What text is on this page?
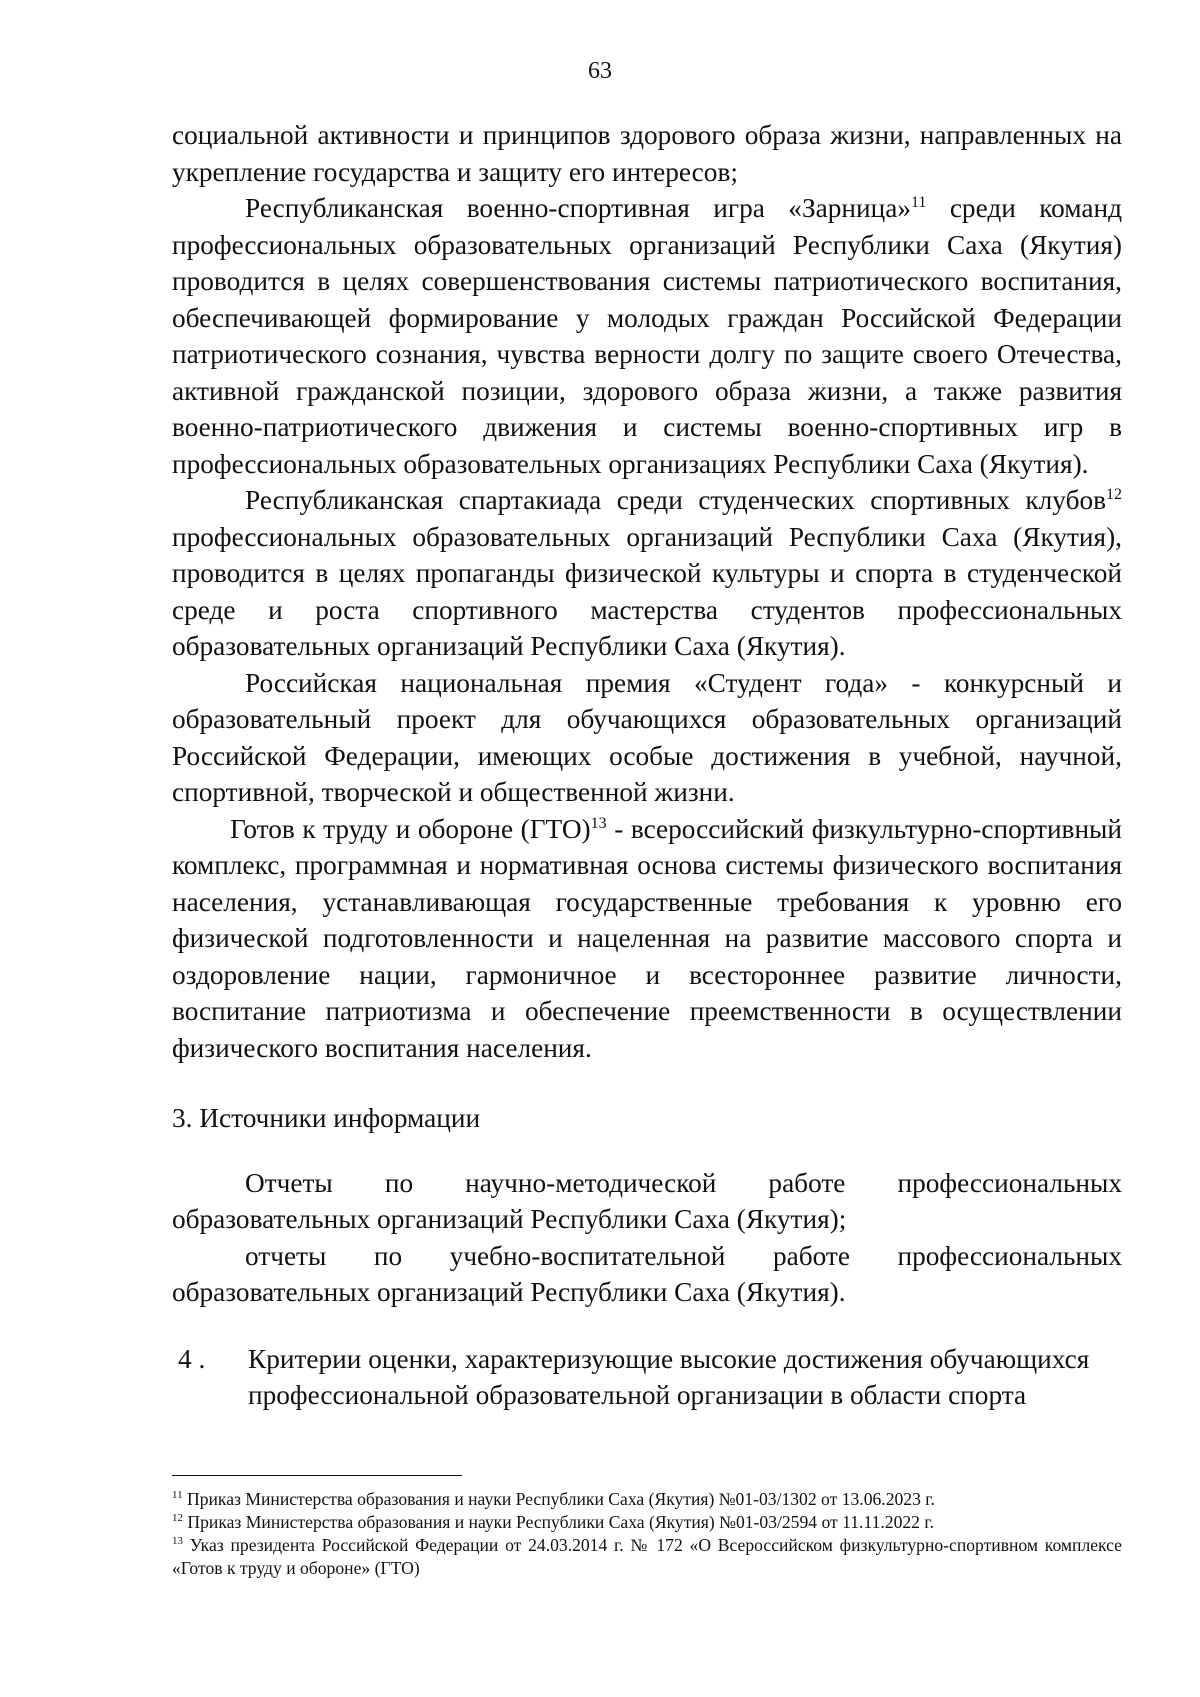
63

социальной активности и принципов здорового образа жизни, направленных на укрепление государства и защиту его интересов;

Республиканская военно-спортивная игра «Зарница»$^{11}$ среди команд профессиональных образовательных организаций Республики Саха (Якутия) проводится в целях совершенствования системы патриотического воспитания, обеспечивающей формирование у молодых граждан Российской Федерации патриотического сознания, чувства верности долгу по защите своего Отечества, активной гражданской позиции, здорового образа жизни, а также развития военно-патриотического движения и системы военно-спортивных игр в профессиональных образовательных организациях Республики Саха (Якутия).

Республиканская спартакиада среди студенческих спортивных клубов$^{12}$ профессиональных образовательных организаций Республики Саха (Якутия), проводится в целях пропаганды физической культуры и спорта в студенческой среде и роста спортивного мастерства студентов профессиональных образовательных организаций Республики Саха (Якутия).

Российская национальная премия «Студент года» - конкурсный и образовательный проект для обучающихся образовательных организаций Российской Федерации, имеющих особые достижения в учебной, научной, спортивной, творческой и общественной жизни.

Готов к труду и обороне (ГТО)$^{13}$ - всероссийский физкультурно-спортивный комплекс, программная и нормативная основа системы физического воспитания населения, устанавливающая государственные требования к уровню его физической подготовленности и нацеленная на развитие массового спорта и оздоровление нации, гармоничное и всестороннее развитие личности, воспитание патриотизма и обеспечение преемственности в осуществлении физического воспитания населения.

3. Источники информации

Отчеты по научно-методической работе профессиональных образовательных организаций Республики Саха (Якутия);

отчеты по учебно-воспитательной работе профессиональных образовательных организаций Республики Саха (Якутия).

4 .	Критерии оценки, характеризующие высокие достижения обучающихся профессиональной образовательной организации в области спорта

$^{11}$ Приказ Министерства образования и науки Республики Саха (Якутия) №01-03/1302 от 13.06.2023 г.

$^{12}$ Приказ Министерства образования и науки Республики Саха (Якутия) №01-03/2594 от 11.11.2022 г.

$^{13}$ Указ президента Российской Федерации от 24.03.2014 г. № 172 «О Всероссийском физкультурно-спортивном комплексе «Готов к труду и обороне» (ГТО)
